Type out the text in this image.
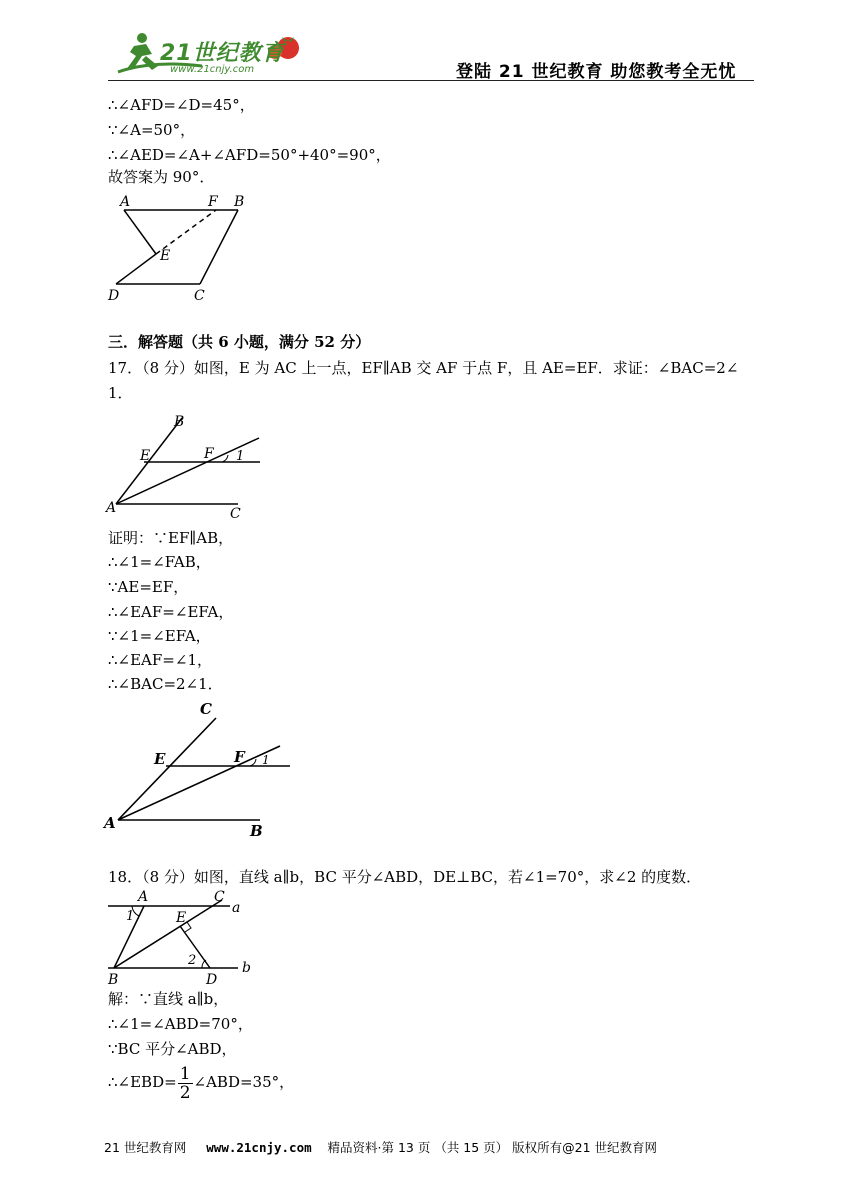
21世纪教育
www.21cnjy.com	登陆 21 世纪教育 助您教考全无忧
∴∠AFD=∠D=45°，
∵∠A=50°，
∴∠AED=∠A+∠AFD=50°+40°=90°，
故答案为 90°．
A	F B
E
D	C
三．解答题（共 6 小题，满分 52 分）
17．（8 分）如图，E 为 AC 上一点，EF∥AB 交 AF 于点 F，且 AE=EF．求证：∠BAC=2∠
1．
B
E	F 1
A	C
证明：∵EF∥AB，
∴∠1=∠FAB，
∵AE=EF，
∴∠EAF=∠EFA，
∵∠1=∠EFA，
∴∠EAF=∠1，
∴∠BAC=2∠1．
C
E	F 1
A	B
18．（8 分）如图，直线 a∥b，BC 平分∠ABD，DE⊥BC，若∠1=70°，求∠2 的度数．
A	C
a
1	E
2
B	D
b
解：∵直线 a∥b，
∴∠1=∠ABD=70°，
∵BC 平分∠ABD，
∴∠EBD= $\frac{1}{2}$ ∠ABD=35°，
21 世纪教育网 www.21cnjy.com 精品资料·第 13 页 （共 15 页） 版权所有@21 世纪教育网
